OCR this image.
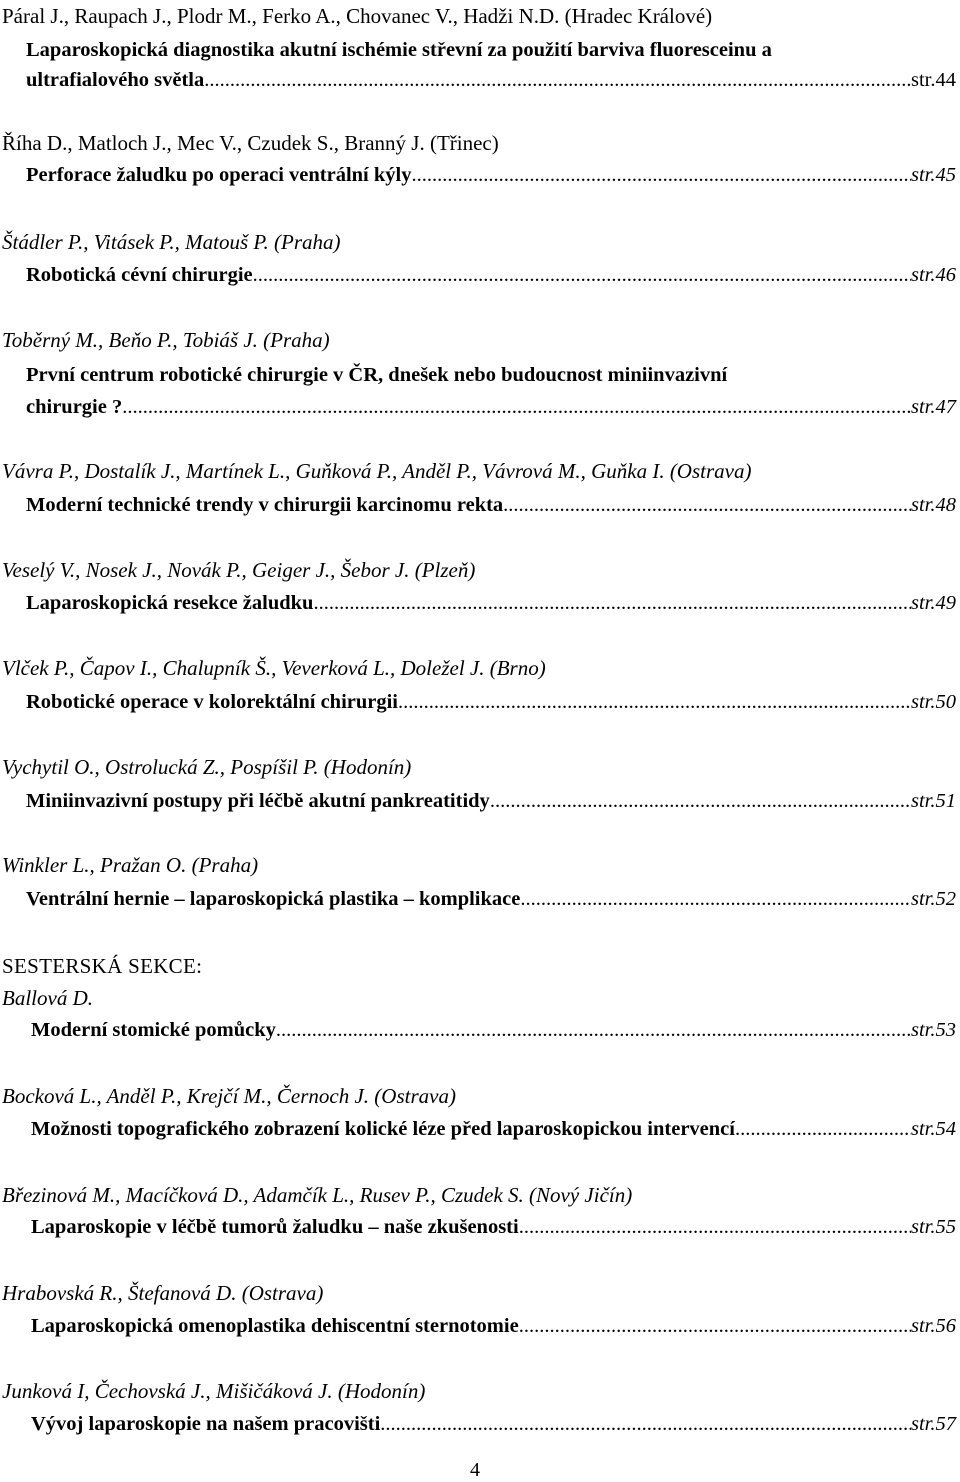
Páral J., Raupach J., Plodr M., Ferko A., Chovanec V., Hadži N.D. (Hradec Králové)
Laparoskopická diagnostika akutní ischémie střevní za použití barviva fluoresceinu a
ultrafialového světla .....	str.44
Říha D., Matloch J., Mec V., Czudek S., Branný J. (Třinec)
Perforace žaludku po operaci ventrální kýly .....	str.45
Štádler P., Vitásek P., Matouš P. (Praha)
Robotická cévní chirurgie .....	str.46
Toběrný M., Beňo P., Tobiáš J. (Praha)
První centrum robotické chirurgie v ČR, dnešek nebo budoucnost miniinvazivní
chirurgie ? .....	str.47
Vávra P., Dostalík J., Martínek L., Guňková P., Anděl P., Vávrová M., Guňka I. (Ostrava)
Moderní technické trendy v chirurgii karcinomu rekta .....	str.48
Veselý V., Nosek J., Novák P., Geiger J., Šebor J. (Plzeň)
Laparoskopická resekce žaludku .....	str.49
Vlček P., Čapov I., Chalupník Š., Veverková L., Doležel J. (Brno)
Robotické operace v kolorektální chirurgii .....	str.50
Vychytil O., Ostrolucká Z., Pospíšil P. (Hodonín)
Miniinvazivní postupy při léčbě akutní pankreatitidy .....	str.51
Winkler L., Pražan O. (Praha)
Ventrální hernie – laparoskopická plastika – komplikace .....	str.52
SESTERSKÁ SEKCE:
Ballová D.
Moderní stomické pomůcky .....	str.53
Bocková L., Anděl P., Krejčí M., Černoch J. (Ostrava)
Možnosti topografického zobrazení kolické léze před laparoskopickou intervencí .....	str.54
Březinová M., Macíčková D., Adamčík L., Rusev P., Czudek S. (Nový Jičín)
Laparoskopie v léčbě tumorů žaludku – naše zkušenosti .....	str.55
Hrabovská R., Štefanová D. (Ostrava)
Laparoskopická omenoplastika dehiscentní sternotomie .....	str.56
Junková I, Čechovská J., Mišičáková J. (Hodonín)
Vývoj laparoskopie na našem pracovišti .....	str.57
4
